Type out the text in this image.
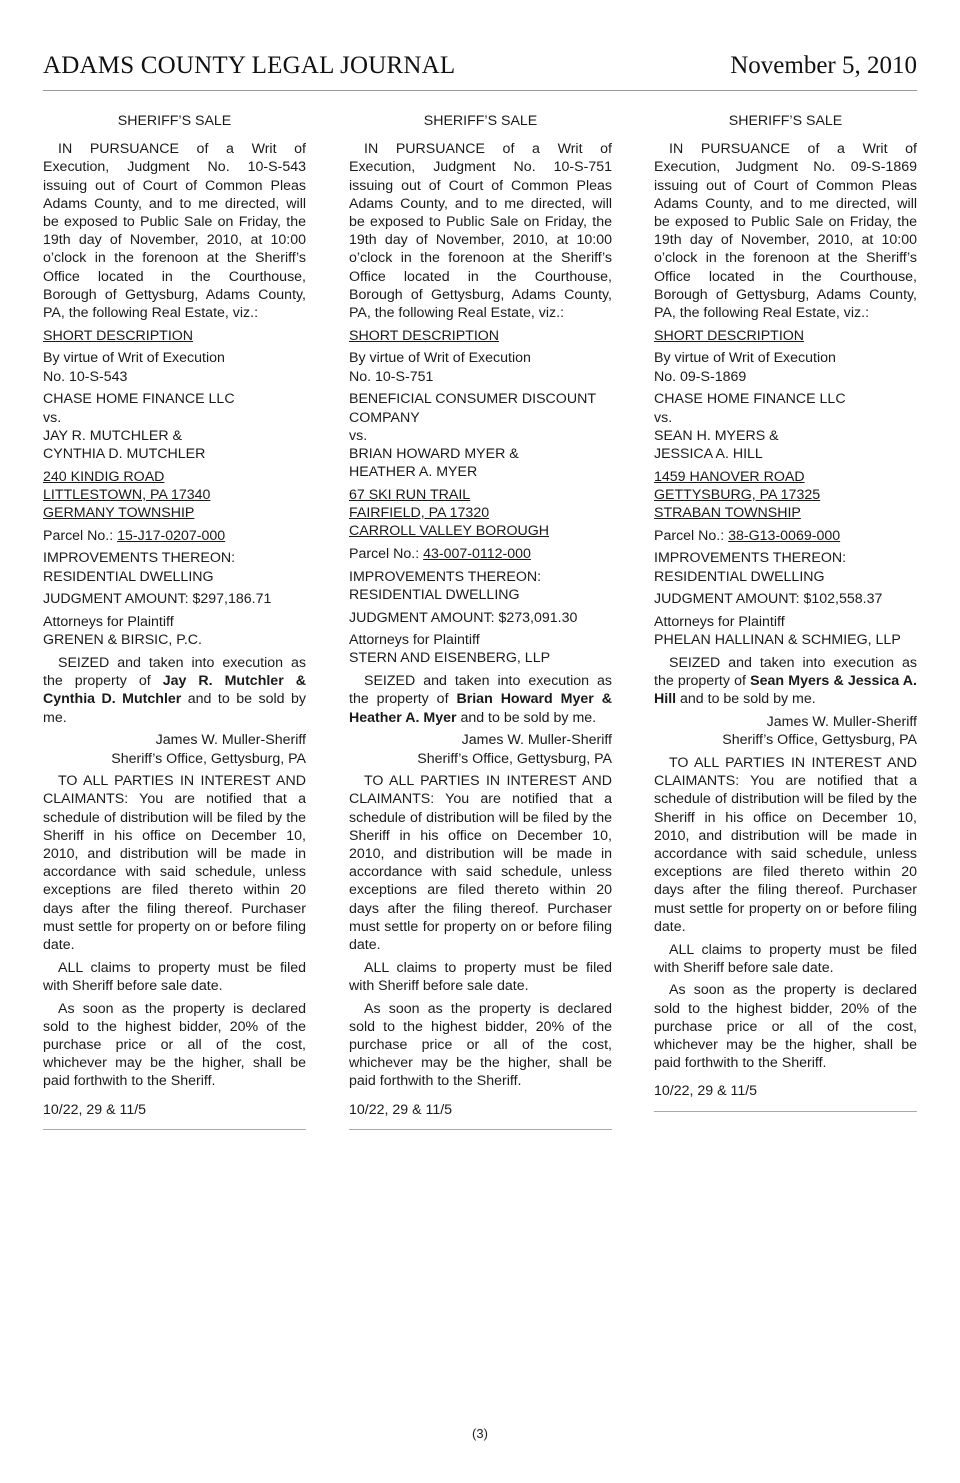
ADAMS COUNTY LEGAL JOURNAL	November 5, 2010

SHERIFF’S SALE

IN PURSUANCE of a Writ of Execution, Judgment No. 10-S-543 issuing out of Court of Common Pleas Adams County, and to me directed, will be exposed to Public Sale on Friday, the 19th day of November, 2010, at 10:00 o’clock in the forenoon at the Sheriff’s Office located in the Courthouse, Borough of Gettysburg, Adams County, PA, the following Real Estate, viz.:

SHORT DESCRIPTION

By virtue of Writ of Execution
No. 10-S-543

CHASE HOME FINANCE LLC
vs.
JAY R. MUTCHLER &
CYNTHIA D. MUTCHLER

240 KINDIG ROAD
LITTLESTOWN, PA 17340
GERMANY TOWNSHIP

Parcel No.: 15-J17-0207-000

IMPROVEMENTS THEREON:
RESIDENTIAL DWELLING

JUDGMENT AMOUNT: $297,186.71

Attorneys for Plaintiff
GRENEN & BIRSIC, P.C.

SEIZED and taken into execution as the property of Jay R. Mutchler & Cynthia D. Mutchler and to be sold by me.

James W. Muller-Sheriff
Sheriff’s Office, Gettysburg, PA

TO ALL PARTIES IN INTEREST AND CLAIMANTS: You are notified that a schedule of distribution will be filed by the Sheriff in his office on December 10, 2010, and distribution will be made in accordance with said schedule, unless exceptions are filed thereto within 20 days after the filing thereof. Purchaser must settle for property on or before filing date.

ALL claims to property must be filed with Sheriff before sale date.

As soon as the property is declared sold to the highest bidder, 20% of the purchase price or all of the cost, whichever may be the higher, shall be paid forthwith to the Sheriff.

10/22, 29 & 11/5

SHERIFF’S SALE

IN PURSUANCE of a Writ of Execution, Judgment No. 10-S-751 issuing out of Court of Common Pleas Adams County, and to me directed, will be exposed to Public Sale on Friday, the 19th day of November, 2010, at 10:00 o’clock in the forenoon at the Sheriff’s Office located in the Courthouse, Borough of Gettysburg, Adams County, PA, the following Real Estate, viz.:

SHORT DESCRIPTION

By virtue of Writ of Execution
No. 10-S-751

BENEFICIAL CONSUMER DISCOUNT COMPANY
vs.
BRIAN HOWARD MYER &
HEATHER A. MYER

67 SKI RUN TRAIL
FAIRFIELD, PA 17320
CARROLL VALLEY BOROUGH

Parcel No.: 43-007-0112-000

IMPROVEMENTS THEREON:
RESIDENTIAL DWELLING

JUDGMENT AMOUNT: $273,091.30

Attorneys for Plaintiff
STERN AND EISENBERG, LLP

SEIZED and taken into execution as the property of Brian Howard Myer & Heather A. Myer and to be sold by me.

James W. Muller-Sheriff
Sheriff’s Office, Gettysburg, PA

TO ALL PARTIES IN INTEREST AND CLAIMANTS: You are notified that a schedule of distribution will be filed by the Sheriff in his office on December 10, 2010, and distribution will be made in accordance with said schedule, unless exceptions are filed thereto within 20 days after the filing thereof. Purchaser must settle for property on or before filing date.

ALL claims to property must be filed with Sheriff before sale date.

As soon as the property is declared sold to the highest bidder, 20% of the purchase price or all of the cost, whichever may be the higher, shall be paid forthwith to the Sheriff.

10/22, 29 & 11/5

SHERIFF’S SALE

IN PURSUANCE of a Writ of Execution, Judgment No. 09-S-1869 issuing out of Court of Common Pleas Adams County, and to me directed, will be exposed to Public Sale on Friday, the 19th day of November, 2010, at 10:00 o’clock in the forenoon at the Sheriff’s Office located in the Courthouse, Borough of Gettysburg, Adams County, PA, the following Real Estate, viz.:

SHORT DESCRIPTION

By virtue of Writ of Execution
No. 09-S-1869

CHASE HOME FINANCE LLC
vs.
SEAN H. MYERS &
JESSICA A. HILL

1459 HANOVER ROAD
GETTYSBURG, PA 17325
STRABAN TOWNSHIP

Parcel No.: 38-G13-0069-000

IMPROVEMENTS THEREON:
RESIDENTIAL DWELLING

JUDGMENT AMOUNT: $102,558.37

Attorneys for Plaintiff
PHELAN HALLINAN & SCHMIEG, LLP

SEIZED and taken into execution as the property of Sean Myers & Jessica A. Hill and to be sold by me.

James W. Muller-Sheriff
Sheriff’s Office, Gettysburg, PA

TO ALL PARTIES IN INTEREST AND CLAIMANTS: You are notified that a schedule of distribution will be filed by the Sheriff in his office on December 10, 2010, and distribution will be made in accordance with said schedule, unless exceptions are filed thereto within 20 days after the filing thereof. Purchaser must settle for property on or before filing date.

ALL claims to property must be filed with Sheriff before sale date.

As soon as the property is declared sold to the highest bidder, 20% of the purchase price or all of the cost, whichever may be the higher, shall be paid forthwith to the Sheriff.

10/22, 29 & 11/5

(3)
